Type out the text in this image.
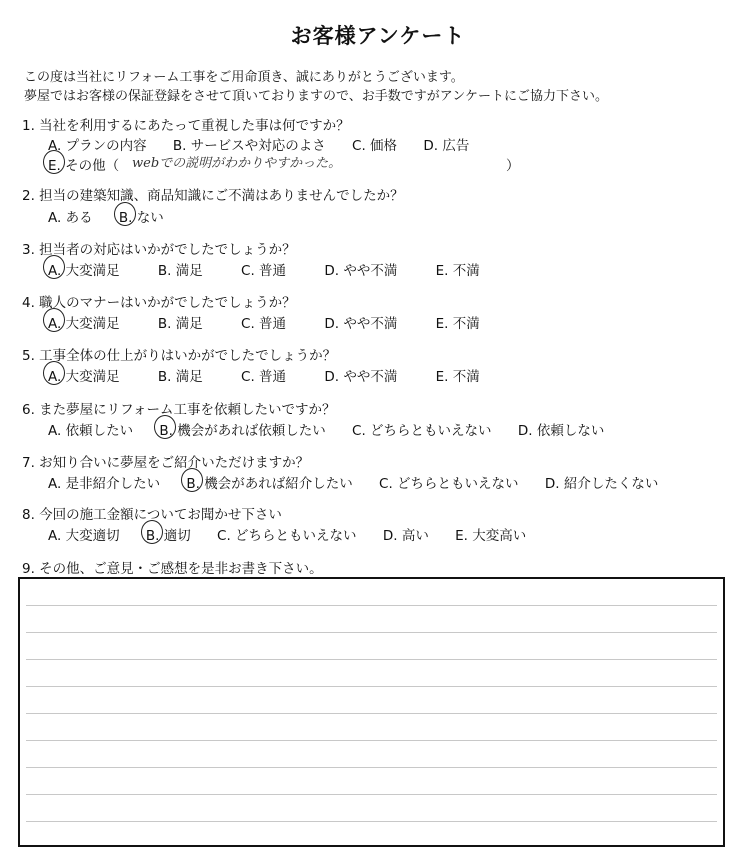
お客様アンケート
この度は当社にリフォーム工事をご用命頂き、誠にありがとうございます。
夢屋ではお客様の保証登録をさせて頂いておりますので、お手数ですがアンケートにご協力下さい。
1. 当社を利用するにあたって重視した事は何ですか？
A. プランの内容 B. サービスや対応のよさ C. 価格 D. 広告
E. その他（ webでの説明がわかりやすかった。	）
2. 担当の建築知識、商品知識にご不満はありませんでしたか？
A. ある B. ない
3. 担当者の対応はいかがでしたでしょうか？
A. 大変満足	B. 満足	C. 普通	D. やや不満	E. 不満
4. 職人のマナーはいかがでしたでしょうか？
A. 大変満足	B. 満足	C. 普通	D. やや不満	E. 不満
5. 工事全体の仕上がりはいかがでしたでしょうか？
A. 大変満足	B. 満足	C. 普通	D. やや不満	E. 不満
6. また夢屋にリフォーム工事を依頼したいですか？
A. 依頼したい B. 機会があれば依頼したい C. どちらともいえない D. 依頼しない
7. お知り合いに夢屋をご紹介いただけますか？
A. 是非紹介したい B. 機会があれば紹介したい C. どちらともいえない D. 紹介したくない
8. 今回の施工金額についてお聞かせ下さい
A. 大変適切 B. 適切 C. どちらともいえない D. 高い E. 大変高い
9. その他、ご意見・ご感想を是非お書き下さい。
